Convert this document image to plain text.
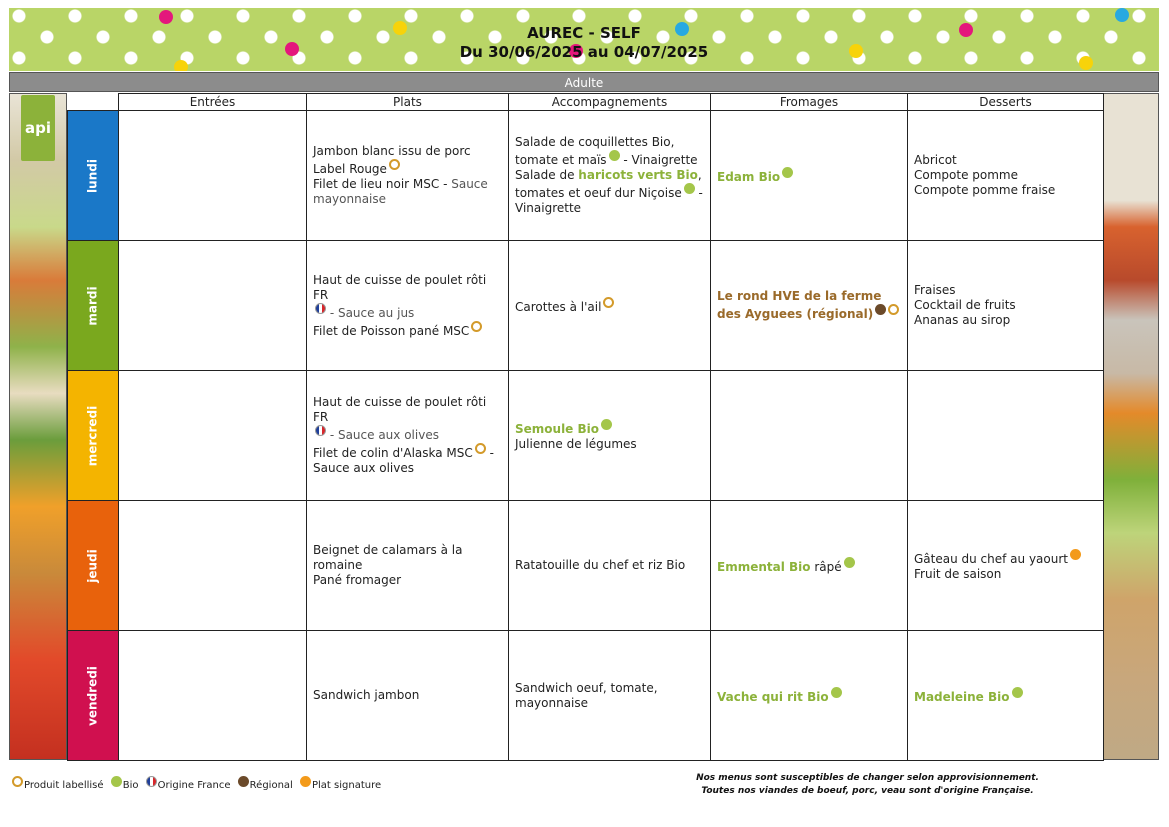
AUREC - SELF
Du 30/06/2025 au 04/07/2025
Adulte
api
	Entrées	Plats	Accompagnements	Fromages	Desserts

lundi		Jambon blanc issu de porc Label Rouge
Filet de lieu noir MSC - Sauce mayonnaise	Salade de coquillettes Bio, tomate et maïs - Vinaigrette
Salade de haricots verts Bio, tomates et oeuf dur Niçoise - Vinaigrette	Edam Bio	Abricot
Compote pomme
Compote pomme fraise

mardi		Haut de cuisse de poulet rôti FR
- Sauce au jus
Filet de Poisson pané MSC	Carottes à l'ail	Le rond HVE de la ferme des Ayguees (régional)	Fraises
Cocktail de fruits
Ananas au sirop

mercredi		Haut de cuisse de poulet rôti FR
- Sauce aux olives
Filet de colin d'Alaska MSC - Sauce aux olives	Semoule Bio
Julienne de légumes		

jeudi		Beignet de calamars à la romaine
Pané fromager	Ratatouille du chef et riz Bio	Emmental Bio râpé	Gâteau du chef au yaourt
Fruit de saison

vendredi		Sandwich jambon	Sandwich oeuf, tomate, mayonnaise	Vache qui rit Bio	Madeleine Bio
Produit labellisé Bio Origine France Régional Plat signature
Nos menus sont susceptibles de changer selon approvisionnement.
Toutes nos viandes de boeuf, porc, veau sont d'origine Française.
